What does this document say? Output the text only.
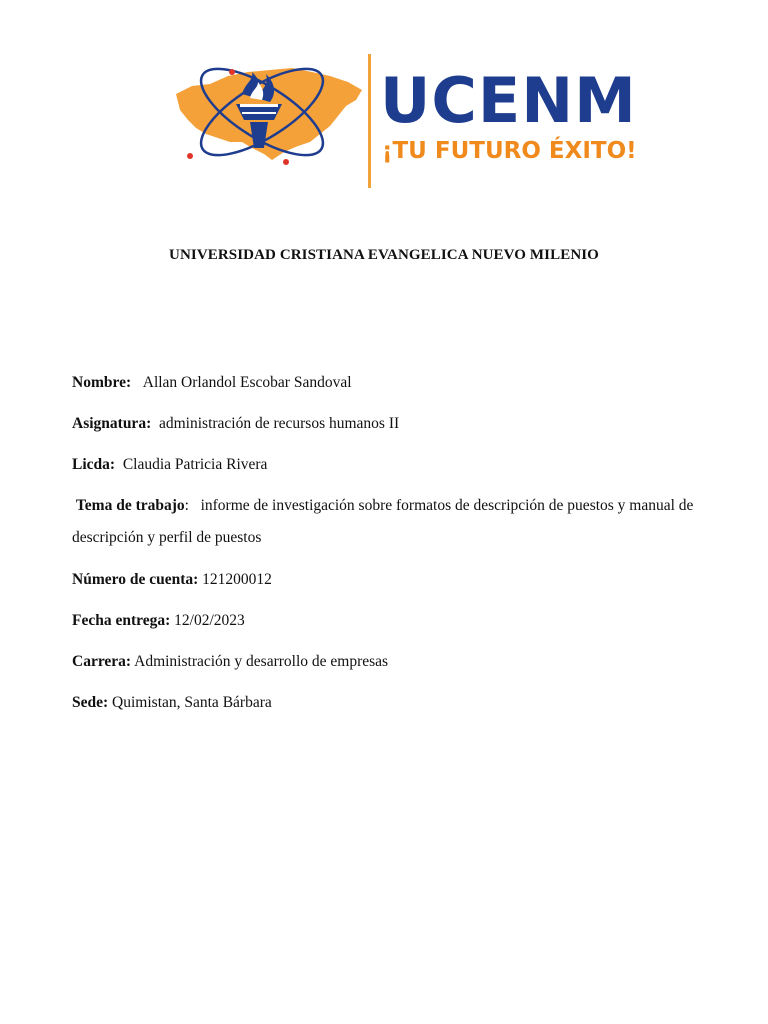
UCENM
¡TU FUTURO ÉXITO!
UNIVERSIDAD CRISTIANA EVANGELICA NUEVO MILENIO
Nombre: Allan Orlandol Escobar Sandoval
Asignatura: administración de recursos humanos II
Licda: Claudia Patricia Rivera
Tema de trabajo:   informe de investigación sobre formatos de descripción de puestos y manual de descripción y perfil de puestos
Número de cuenta: 121200012
Fecha entrega: 12/02/2023
Carrera: Administración y desarrollo de empresas
Sede: Quimistan, Santa Bárbara
